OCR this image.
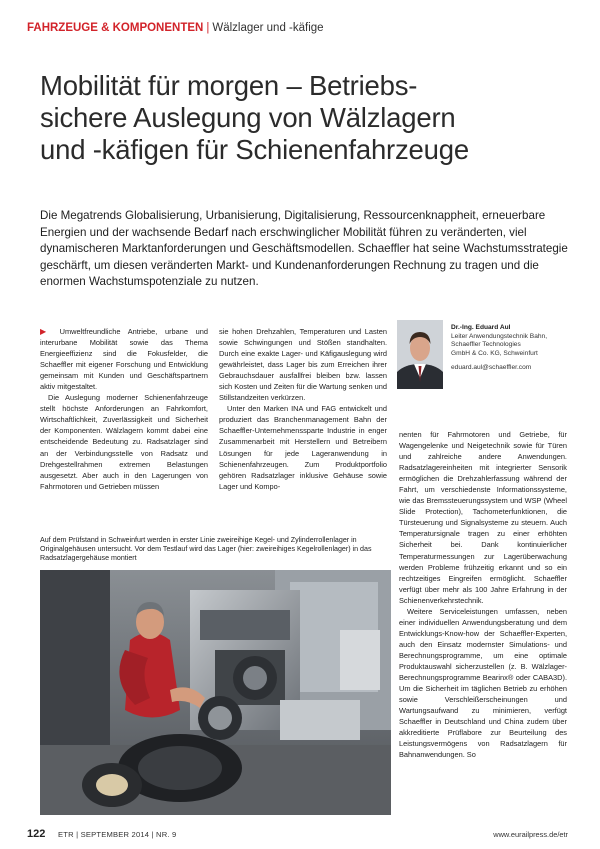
FAHRZEUGE & KOMPONENTEN | Wälzlager und -käfige
Mobilität für morgen – Betriebs-
sichere Auslegung von Wälzlagern
und -käfigen für Schienenfahrzeuge

Die Megatrends Globalisierung, Urbanisierung, Digitalisierung, Ressourcenknappheit, erneuerbare Energien und der wachsende Bedarf nach erschwinglicher Mobilität führen zu veränderten, viel dynamischeren Marktanforderungen und Geschäftsmodellen. Schaeffler hat seine Wachstumsstrategie geschärft, um diesen veränderten Markt- und Kundenanforderungen Rechnung zu tragen und die enormen Wachstumspotenziale zu nutzen.

▶ Umweltfreundliche Antriebe, urbane und interurbane Mobilität sowie das Thema Energieeffizienz sind die Fokusfelder, die Schaeffler mit eigener Forschung und Entwicklung gemeinsam mit Kunden und Geschäftspartnern aktiv mitgestaltet.

Die Auslegung moderner Schienenfahrzeuge stellt höchste Anforderungen an Fahrkomfort, Wirtschaftlichkeit, Zuverlässigkeit und Sicherheit der Komponenten. Wälzlagern kommt dabei eine entscheidende Bedeutung zu. Radsatzlager sind an der Verbindungsstelle von Radsatz und Drehgestellrahmen extremen Belastungen ausgesetzt. Aber auch in den Lagerungen von Fahrmotoren und Getrieben müssen

sie hohen Drehzahlen, Temperaturen und Lasten sowie Schwingungen und Stößen standhalten. Durch eine exakte Lager- und Käfigauslegung wird gewährleistet, dass Lager bis zum Erreichen ihrer Gebrauchsdauer ausfallfrei bleiben bzw. lassen sich Kosten und Zeiten für die Wartung senken und Stillstandzeiten verkürzen.

Unter den Marken INA und FAG entwickelt und produziert das Branchenmanagement Bahn der Schaeffler-Unternehmenssparte Industrie in enger Zusammenarbeit mit Herstellern und Betreibern Lösungen für jede Lageranwendung in Schienenfahrzeugen. Zum Produktportfolio gehören Radsatzlager inklusive Gehäuse sowie Lager und Kompo-

Dr.-Ing. Eduard Aul
Leiter Anwendungstechnik Bahn,
Schaeffler Technologies
GmbH & Co. KG, Schweinfurt
eduard.aul@schaeffler.com

nenten für Fahrmotoren und Getriebe, für Wagengelenke und Neigetechnik sowie für Türen und zahlreiche andere Anwendungen. Radsatzlagereinheiten mit integrierter Sensorik ermöglichen die Drehzahlerfassung während der Fahrt, um verschiedenste Informationssysteme, wie das Bremssteuerungssystem und WSP (Wheel Slide Protection), Tachometerfunktionen, die Türsteuerung und Signalsysteme zu steuern. Auch Temperatursignale tragen zu einer erhöhten Sicherheit bei. Dank kontinuierlicher Temperaturmessungen zur Lagerüberwachung werden Probleme frühzeitig erkannt und so ein rechtzeitiges Eingreifen ermöglicht. Schaeffler verfügt über mehr als 100 Jahre Erfahrung in der Schienenverkehrstechnik.

Weitere Serviceleistungen umfassen, neben einer individuellen Anwendungsberatung und dem Entwicklungs-Know-how der Schaeffler-Experten, auch den Einsatz modernster Simulations- und Berechnungsprogramme, um eine optimale Produktauswahl sicherzustellen (z. B. Wälzlager-Berechnungsprogramme Bearinx® oder CABA3D). Um die Sicherheit im täglichen Betrieb zu erhöhen sowie Verschleißerscheinungen und Wartungsaufwand zu minimieren, verfügt Schaeffler in Deutschland und China zudem über akkreditierte Prüflabore zur Beurteilung des Leistungsvermögens von Radsatzlagern für Bahnanwendungen. So

Auf dem Prüfstand in Schweinfurt werden in erster Linie zweireihige Kegel- und Zylinderrollenlager in Originalgehäusen untersucht. Vor dem Testlauf wird das Lager (hier: zweireihiges Kegelrollenlager) in das Radsatzlagergehäuse montiert

122 ETR | SEPTEMBER 2014 | NR. 9	www.eurailpress.de/etr
